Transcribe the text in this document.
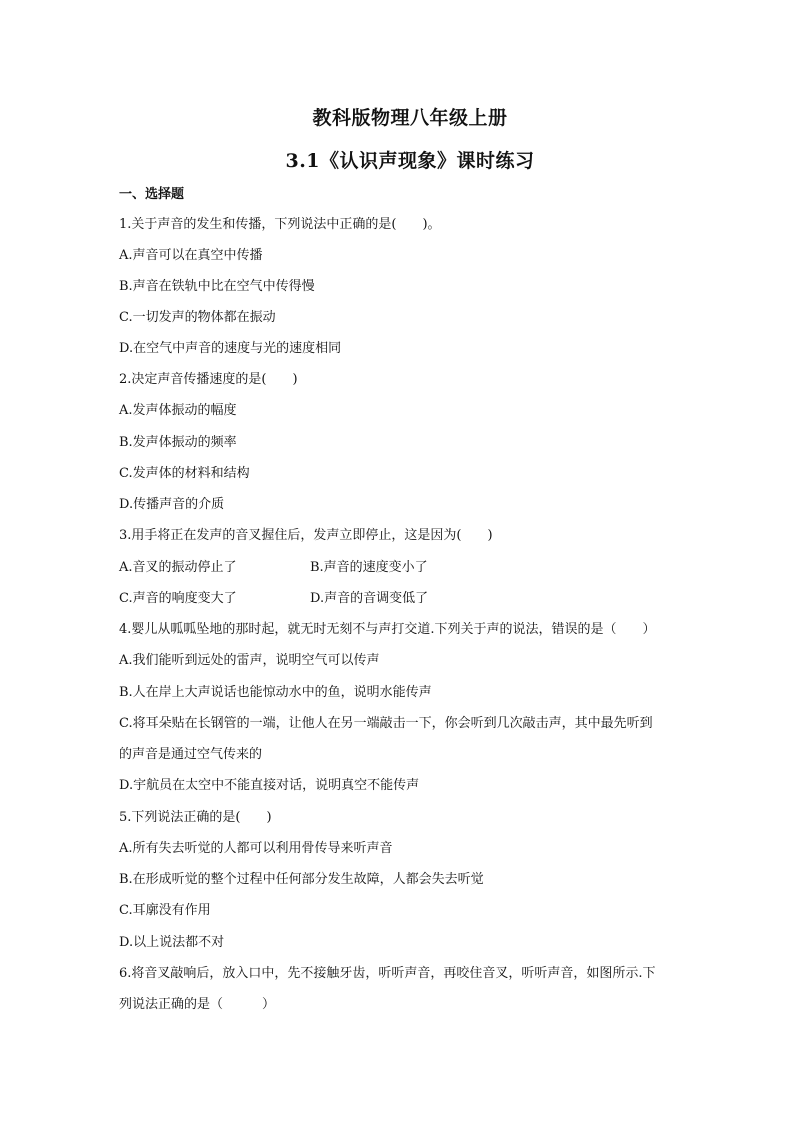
教科版物理八年级上册
3.1《认识声现象》课时练习
一、选择题
1.关于声音的发生和传播，下列说法中正确的是(　　)。
A.声音可以在真空中传播
B.声音在铁轨中比在空气中传得慢
C.一切发声的物体都在振动
D.在空气中声音的速度与光的速度相同
2.决定声音传播速度的是(　　)
A.发声体振动的幅度
B.发声体振动的频率
C.发声体的材料和结构
D.传播声音的介质
3.用手将正在发声的音叉握住后，发声立即停止，这是因为(　　)
A.音叉的振动停止了	B.声音的速度变小了
C.声音的响度变大了	D.声音的音调变低了
4.婴儿从呱呱坠地的那时起，就无时无刻不与声打交道.下列关于声的说法，错误的是（　　）
A.我们能听到远处的雷声，说明空气可以传声
B.人在岸上大声说话也能惊动水中的鱼，说明水能传声
C.将耳朵贴在长钢管的一端，让他人在另一端敲击一下，你会听到几次敲击声，其中最先听到
的声音是通过空气传来的
D.宇航员在太空中不能直接对话，说明真空不能传声
5.下列说法正确的是(　　)
A.所有失去听觉的人都可以利用骨传导来听声音
B.在形成听觉的整个过程中任何部分发生故障，人都会失去听觉
C.耳廓没有作用
D.以上说法都不对
6.将音叉敲响后，放入口中，先不接触牙齿，听听声音，再咬住音叉，听听声音，如图所示.下
列说法正确的是（　　　）
